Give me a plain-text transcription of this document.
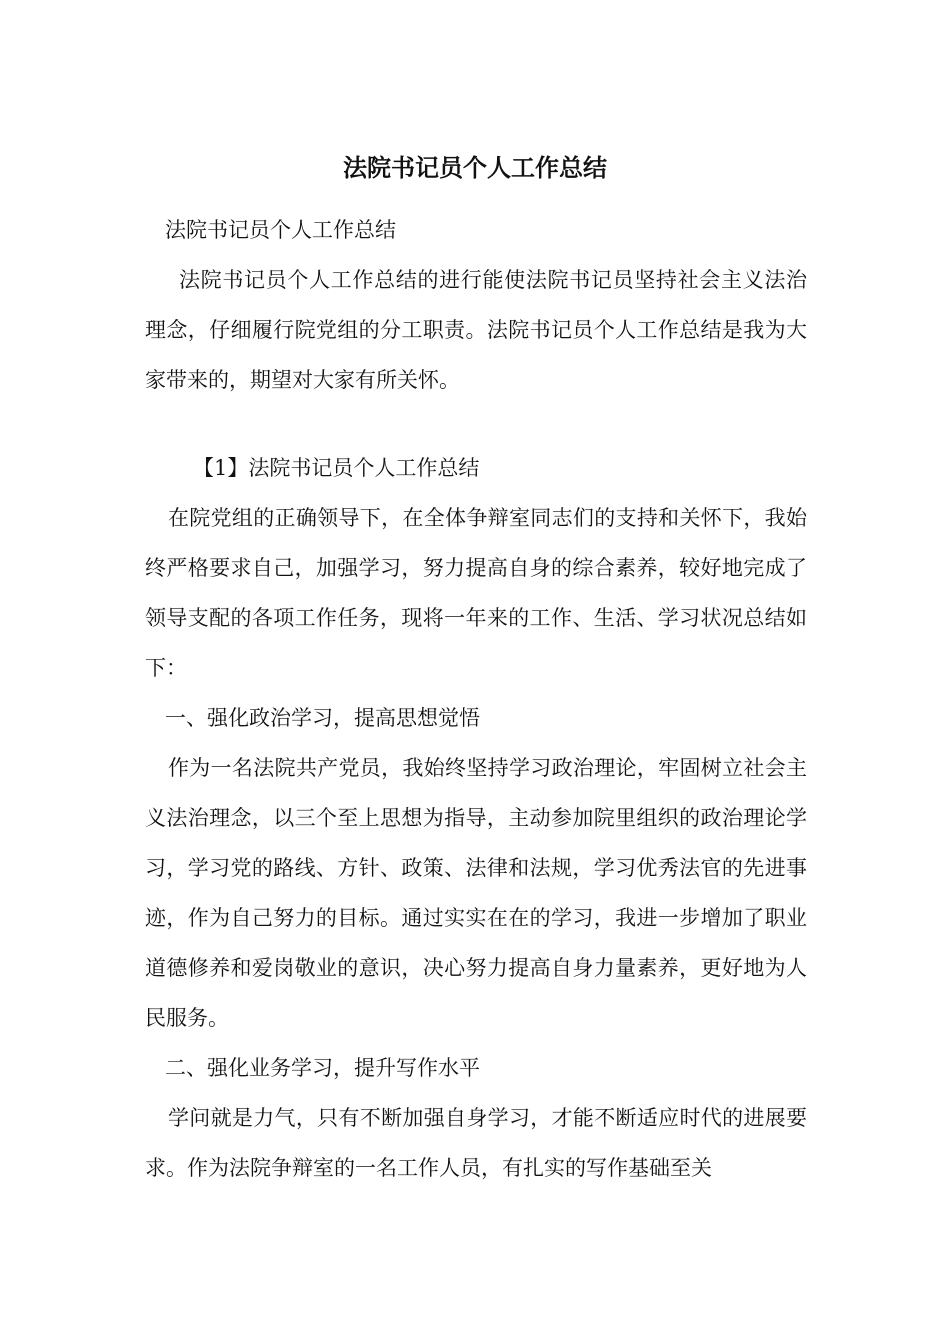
法院书记员个人工作总结

法院书记员个人工作总结

法院书记员个人工作总结的进行能使法院书记员坚持社会主义法治理念，仔细履行院党组的分工职责。法院书记员个人工作总结是我为大家带来的，期望对大家有所关怀。

【1】法院书记员个人工作总结

在院党组的正确领导下，在全体争辩室同志们的支持和关怀下，我始终严格要求自己，加强学习，努力提高自身的综合素养，较好地完成了领导支配的各项工作任务，现将一年来的工作、生活、学习状况总结如下：

一、强化政治学习，提高思想觉悟

作为一名法院共产党员，我始终坚持学习政治理论，牢固树立社会主义法治理念，以三个至上思想为指导，主动参加院里组织的政治理论学习，学习党的路线、方针、政策、法律和法规，学习优秀法官的先进事迹，作为自己努力的目标。通过实实在在的学习，我进一步增加了职业道德修养和爱岗敬业的意识，决心努力提高自身力量素养，更好地为人民服务。

二、强化业务学习，提升写作水平

学问就是力气，只有不断加强自身学习，才能不断适应时代的进展要求。作为法院争辩室的一名工作人员，有扎实的写作基础至关
